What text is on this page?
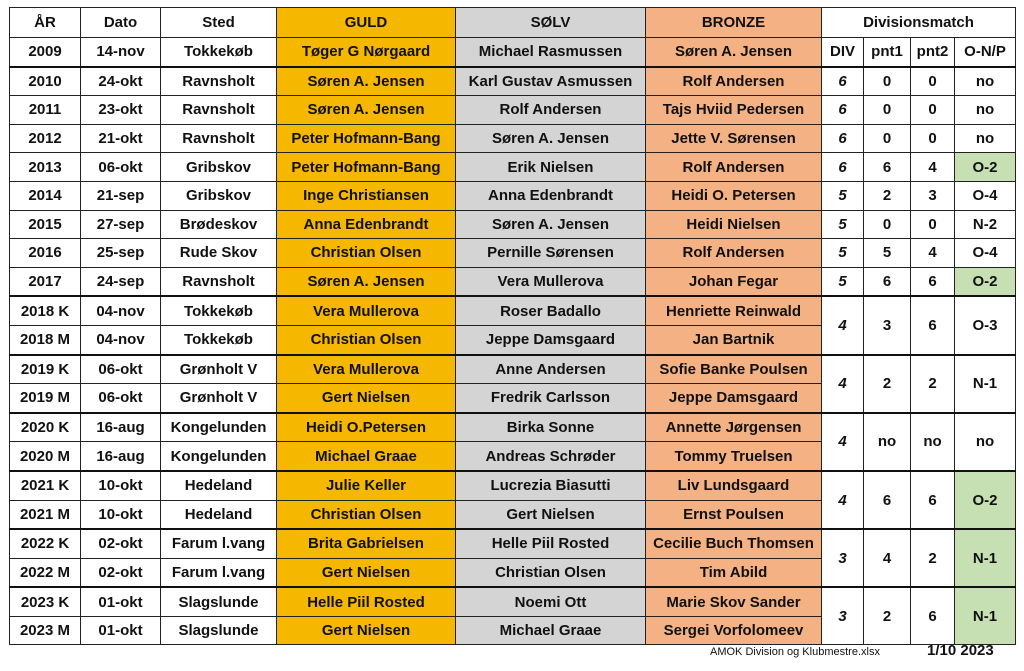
ÅR	Dato	Sted	GULD	SØLV	BRONZE	Divisionsmatch			
2009	14-nov	Tokkekøb	Tøger G Nørgaard	Michael Rasmussen	Søren A. Jensen	DIV	pnt1	pnt2	O-N/P
2010	24-okt	Ravnsholt	Søren A. Jensen	Karl Gustav Asmussen	Rolf Andersen	6	0	0	no
2011	23-okt	Ravnsholt	Søren A. Jensen	Rolf Andersen	Tajs Hviid Pedersen	6	0	0	no
2012	21-okt	Ravnsholt	Peter Hofmann-Bang	Søren A. Jensen	Jette V. Sørensen	6	0	0	no
2013	06-okt	Gribskov	Peter Hofmann-Bang	Erik Nielsen	Rolf Andersen	6	6	4	O-2
2014	21-sep	Gribskov	Inge Christiansen	Anna Edenbrandt	Heidi O. Petersen	5	2	3	O-4
2015	27-sep	Brødeskov	Anna Edenbrandt	Søren A. Jensen	Heidi Nielsen	5	0	0	N-2
2016	25-sep	Rude Skov	Christian Olsen	Pernille Sørensen	Rolf Andersen	5	5	4	O-4
2017	24-sep	Ravnsholt	Søren A. Jensen	Vera Mullerova	Johan Fegar	5	6	6	O-2
2018 K	04-nov	Tokkekøb	Vera Mullerova	Roser Badallo	Henriette Reinwald	4	3	6	O-3
2018 M	04-nov	Tokkekøb	Christian Olsen	Jeppe Damsgaard	Jan Bartnik				
2019 K	06-okt	Grønholt V	Vera Mullerova	Anne Andersen	Sofie Banke Poulsen	4	2	2	N-1
2019 M	06-okt	Grønholt V	Gert Nielsen	Fredrik Carlsson	Jeppe Damsgaard				
2020 K	16-aug	Kongelunden	Heidi O.Petersen	Birka Sonne	Annette Jørgensen	4	no	no	no
2020 M	16-aug	Kongelunden	Michael Graae	Andreas Schrøder	Tommy Truelsen				
2021 K	10-okt	Hedeland	Julie Keller	Lucrezia Biasutti	Liv Lundsgaard	4	6	6	O-2
2021 M	10-okt	Hedeland	Christian Olsen	Gert Nielsen	Ernst Poulsen				
2022 K	02-okt	Farum l.vang	Brita Gabrielsen	Helle Piil Rosted	Cecilie Buch Thomsen	3	4	2	N-1
2022 M	02-okt	Farum l.vang	Gert Nielsen	Christian Olsen	Tim Abild				
2023 K	01-okt	Slagslunde	Helle Piil Rosted	Noemi Ott	Marie Skov Sander	3	2	6	N-1
2023 M	01-okt	Slagslunde	Gert Nielsen	Michael Graae	Sergei Vorfolomeev				
AMOK Division og Klubmestre.xlsx	1/10 2023
